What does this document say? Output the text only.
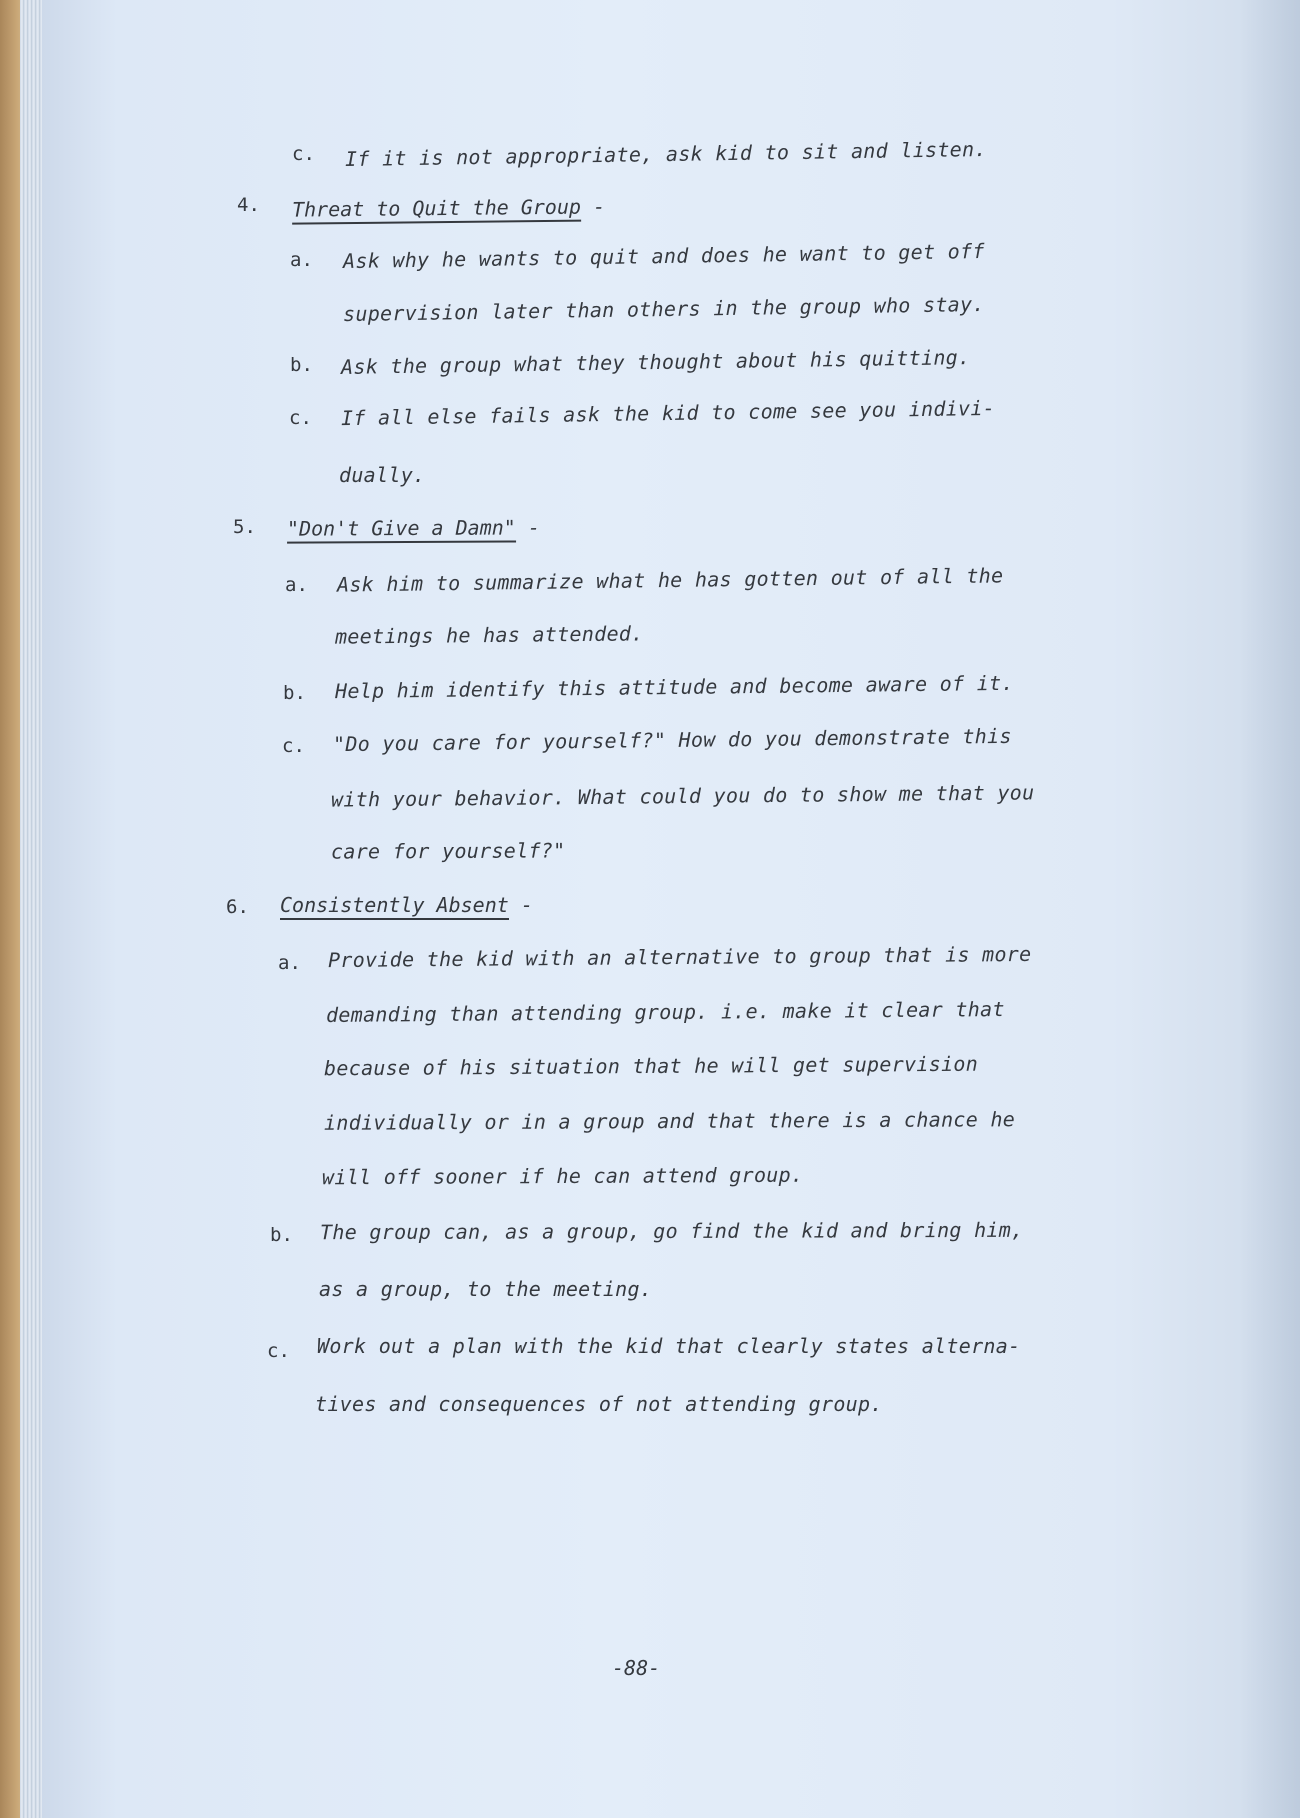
c. If it is not appropriate, ask kid to sit and listen.
4. Threat to Quit the Group -
a. Ask why he wants to quit and does he want to get off
supervision later than others in the group who stay.
b. Ask the group what they thought about his quitting.
c. If all else fails ask the kid to come see you indivi-
dually.
5. "Don't Give a Damn" -
a. Ask him to summarize what he has gotten out of all the
meetings he has attended.
b. Help him identify this attitude and become aware of it.
c. "Do you care for yourself?" How do you demonstrate this
with your behavior. What could you do to show me that you
care for yourself?"
6. Consistently Absent -
a. Provide the kid with an alternative to group that is more
demanding than attending group. i.e. make it clear that
because of his situation that he will get supervision
individually or in a group and that there is a chance he
will off sooner if he can attend group.
b. The group can, as a group, go find the kid and bring him,
as a group, to the meeting.
c. Work out a plan with the kid that clearly states alterna-
tives and consequences of not attending group.
-88-
